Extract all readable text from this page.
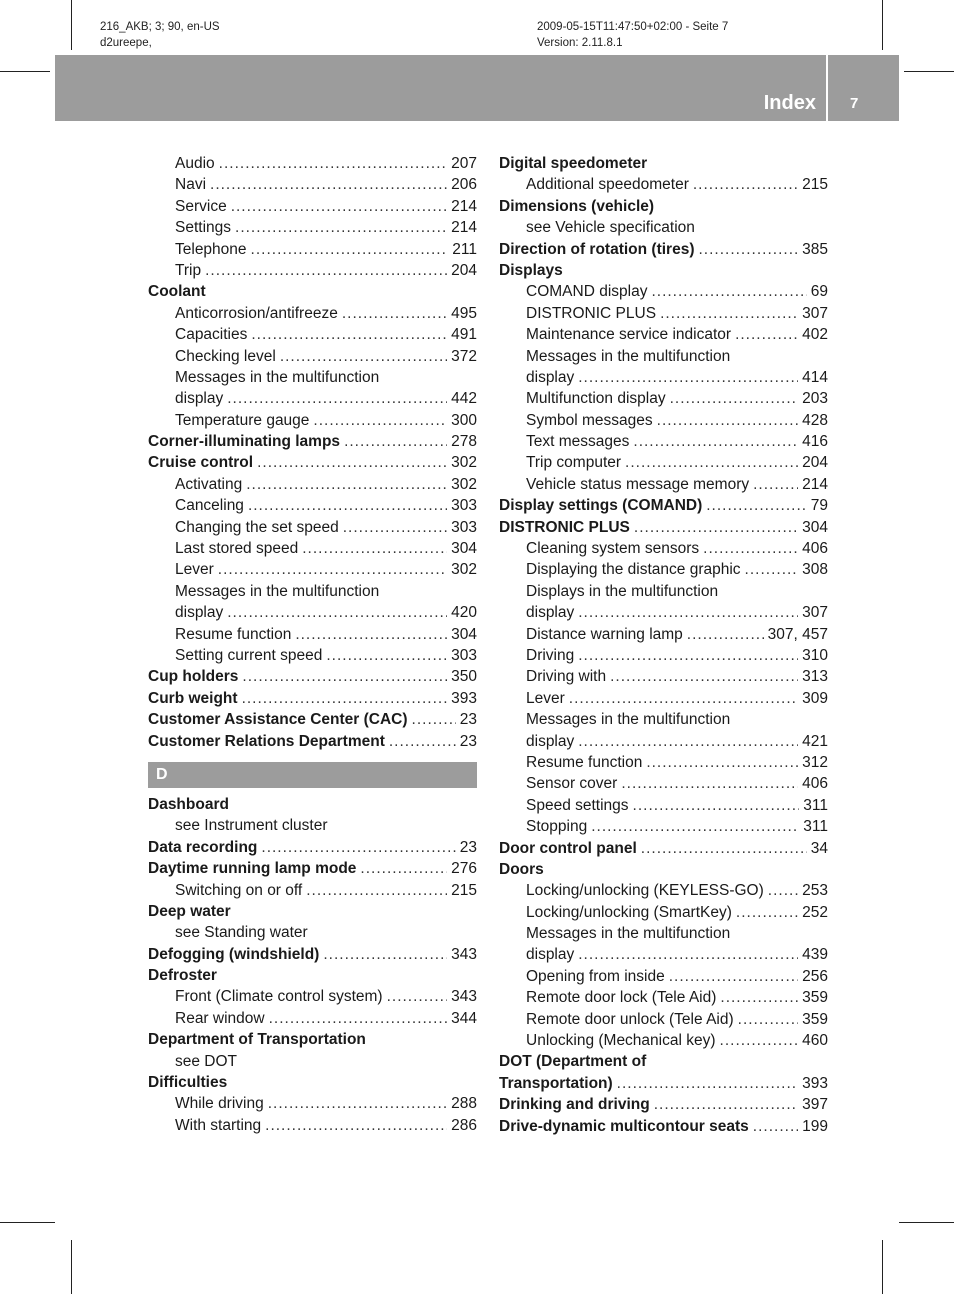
216_AKB; 3; 90, en-US
d2ureepe,
2009-05-15T11:47:50+02:00 - Seite 7
Version: 2.11.8.1
Index 7
Audio .....	207
Navi .....	206
Service .....	214
Settings .....	214
Telephone .....	211
Trip .....	204
Coolant
Anticorrosion/antifreeze .....	495
Capacities .....	491
Checking level .....	372
Messages in the multifunction
display .....	442
Temperature gauge .....	300
Corner-illuminating lamps .....	278
Cruise control .....	302
Activating .....	302
Canceling .....	303
Changing the set speed .....	303
Last stored speed .....	304
Lever .....	302
Messages in the multifunction
display .....	420
Resume function .....	304
Setting current speed .....	303
Cup holders .....	350
Curb weight .....	393
Customer Assistance Center (CAC) .....	23
Customer Relations Department .....	23
D
Dashboard
see Instrument cluster
Data recording .....	23
Daytime running lamp mode .....	276
Switching on or off .....	215
Deep water
see Standing water
Defogging (windshield) .....	343
Defroster
Front (Climate control system) .....	343
Rear window .....	344
Department of Transportation
see DOT
Difficulties
While driving .....	288
With starting .....	286
Digital speedometer
Additional speedometer .....	215
Dimensions (vehicle)
see Vehicle specification
Direction of rotation (tires) .....	385
Displays
COMAND display .....	69
DISTRONIC PLUS .....	307
Maintenance service indicator .....	402
Messages in the multifunction
display .....	414
Multifunction display .....	203
Symbol messages .....	428
Text messages .....	416
Trip computer .....	204
Vehicle status message memory .....	214
Display settings (COMAND) .....	79
DISTRONIC PLUS .....	304
Cleaning system sensors .....	406
Displaying the distance graphic .....	308
Displays in the multifunction
display .....	307
Distance warning lamp .....	307, 457
Driving .....	310
Driving with .....	313
Lever .....	309
Messages in the multifunction
display .....	421
Resume function .....	312
Sensor cover .....	406
Speed settings .....	311
Stopping .....	311
Door control panel .....	34
Doors
Locking/unlocking (KEYLESS-GO) ..... 253
Locking/unlocking (SmartKey) .....	252
Messages in the multifunction
display .....	439
Opening from inside .....	256
Remote door lock (Tele Aid) .....	359
Remote door unlock (Tele Aid) .....	359
Unlocking (Mechanical key) .....	460
DOT (Department of
Transportation) .....	393
Drinking and driving .....	397
Drive-dynamic multicontour seats .....	199
